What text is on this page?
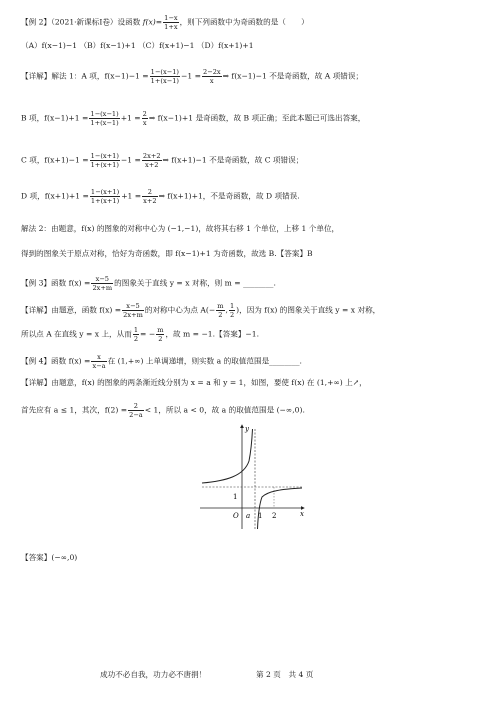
【例 2】（2021·新课标Ⅰ卷）设函数 $f(x)= \frac{1-x}{1+x}$ ，则下列函数中为奇函数的是（　　）
（A）f(x−1)−1 （B）f(x−1)+1 （C）f(x+1)−1 （D）f(x+1)+1
【详解】解法 1：A 项，$f(x-1)-1 = \frac{1-(x-1)}{1+(x-1)} -1 = \frac{2-2x}{x}$ ⇒ f(x−1)−1 不是奇函数，故 A 项错误；
B 项，$f(x-1)+1 = \frac{1-(x-1)}{1+(x-1)} +1 = \frac{2}{x}$ ⇒ f(x−1)+1 是奇函数，故 B 项正确；至此本题已可选出答案，
C 项，$f(x+1)-1 = \frac{1-(x+1)}{1+(x+1)} -1 = \frac{2x+2}{x+2}$ ⇒ f(x+1)−1 不是奇函数，故 C 项错误；
D 项，$f(x+1)+1 = \frac{1-(x+1)}{1+(x+1)} +1 = \frac{2}{x+2}$ ⇒ f(x+1)+1，不是奇函数，故 D 项错误.
解法 2：由题意，f(x) 的图象的对称中心为 (−1,−1)，故将其右移 1 个单位，上移 1 个单位，
得到的图象关于原点对称，恰好为奇函数，即 f(x−1)+1 为奇函数，故选 B.【答案】B
【例 3】函数 $f(x) = \frac{x-5}{2x+m}$ 的图象关于直线 y = x 对称，则 m = ________.
【详解】由题意，函数 $f(x) = \frac{x-5}{2x+m}$ 的对称中心为点 $A(- \frac{m}{2}$ , $\frac{1}{2}$ )，因为 f(x) 的图象关于直线 y = x 对称，
所以点 A 在直线 y = x 上，从而 $\frac{1}{2}$ = − $\frac{m}{2}$ ，故 m = −1.【答案】−1.
【例 4】函数 $f(x) = \frac{x}{x-a}$ 在 (1,+∞) 上单调递增，则实数 a 的取值范围是________.
【详解】由题意，f(x) 的图象的两条渐近线分别为 x = a 和 y = 1，如图，要使 f(x) 在 (1,+∞) 上↗，
首先应有 a ≤ 1，其次，$f(2) = \frac{2}{2-a} < 1$，所以 a < 0，故 a 的取值范围是 (−∞,0).
y
x
1
O a 1 2
【答案】(−∞,0)
成功不必自我，功力必不唐捐！	第 2 页　共 4 页
